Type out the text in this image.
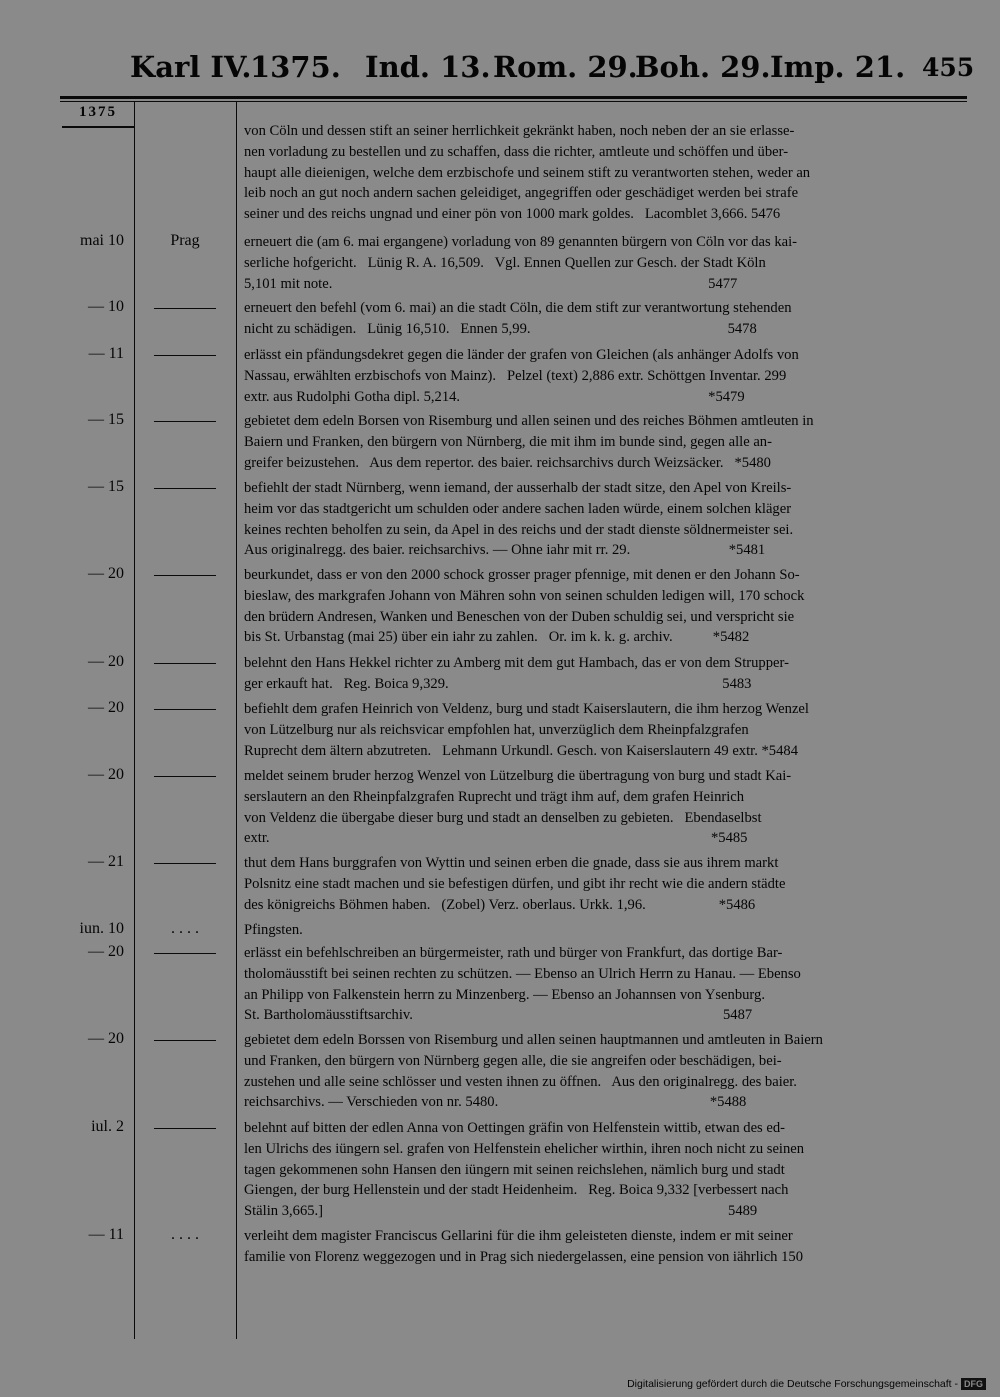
Karl IV.
1375. Ind. 13. Rom. 29.
Boh. 29. Imp. 21. 455
1375
von Cöln und dessen stift an seiner herrlichkeit gekränkt haben, noch neben der an sie erlasse-
nen vorladung zu bestellen und zu schaffen, dass die richter, amtleute und schöffen und über-
haupt alle dieienigen, welche dem erzbischofe und seinem stift zu verantworten stehen, weder an
leib noch an gut noch andern sachen geleidiget, angegriffen oder geschädiget werden bei strafe
seiner und des reichs ungnad und einer pön von 1000 mark goldes.   Lacomblet 3,666. 5476
mai 10	Prag	erneuert die (am 6. mai ergangene) vorladung von 89 genannten bürgern von Cöln vor das kai-
serliche hofgericht.   Lünig R. A. 16,509.   Vgl. Ennen Quellen zur Gesch. der Stadt Köln
5,101 mit note.                                                                                                       5477
— 10	erneuert den befehl (vom 6. mai) an die stadt Cöln, die dem stift zur verantwortung stehenden
nicht zu schädigen.   Lünig 16,510.   Ennen 5,99.                                                      5478
— 11	erlässt ein pfändungsdekret gegen die länder der grafen von Gleichen (als anhänger Adolfs von
Nassau, erwählten erzbischofs von Mainz).   Pelzel (text) 2,886 extr. Schöttgen Inventar. 299
extr. aus Rudolphi Gotha dipl. 5,214.                                                                    *5479
— 15	gebietet dem edeln Borsen von Risemburg und allen seinen und des reiches Böhmen amtleuten in
Baiern und Franken, den bürgern von Nürnberg, die mit ihm im bunde sind, gegen alle an-
greifer beizustehen.   Aus dem repertor. des baier. reichsarchivs durch Weizsäcker.   *5480
— 15	befiehlt der stadt Nürnberg, wenn iemand, der ausserhalb der stadt sitze, den Apel von Kreils-
heim vor das stadtgericht um schulden oder andere sachen laden würde, einem solchen kläger
keines rechten beholfen zu sein, da Apel in des reichs und der stadt dienste söldnermeister sei.
Aus originalregg. des baier. reichsarchivs. — Ohne iahr mit rr. 29.                           *5481
— 20	beurkundet, dass er von den 2000 schock grosser prager pfennige, mit denen er den Johann So-
bieslaw, des markgrafen Johann von Mähren sohn von seinen schulden ledigen will, 170 schock
den brüdern Andresen, Wanken und Beneschen von der Duben schuldig sei, und verspricht sie
bis St. Urbanstag (mai 25) über ein iahr zu zahlen.   Or. im k. k. g. archiv.           *5482
— 20	belehnt den Hans Hekkel richter zu Amberg mit dem gut Hambach, das er von dem Strupper-
ger erkauft hat.   Reg. Boica 9,329.                                                                           5483
— 20	befiehlt dem grafen Heinrich von Veldenz, burg und stadt Kaiserslautern, die ihm herzog Wenzel
von Lützelburg nur als reichsvicar empfohlen hat, unverzüglich dem Rheinpfalzgrafen
Ruprecht dem ältern abzutreten.   Lehmann Urkundl. Gesch. von Kaiserslautern 49 extr. *5484
— 20	meldet seinem bruder herzog Wenzel von Lützelburg die übertragung von burg und stadt Kai-
serslautern an den Rheinpfalzgrafen Ruprecht und trägt ihm auf, dem grafen Heinrich
von Veldenz die übergabe dieser burg und stadt an denselben zu gebieten.   Ebendaselbst
extr.                                                                                                                         *5485
— 21	thut dem Hans burggrafen von Wyttin und seinen erben die gnade, dass sie aus ihrem markt
Polsnitz eine stadt machen und sie befestigen dürfen, und gibt ihr recht wie die andern städte
des königreichs Böhmen haben.   (Zobel) Verz. oberlaus. Urkk. 1,96.                    *5486
iun. 10	. . . .	Pfingsten.
— 20	erlässt ein befehlschreiben an bürgermeister, rath und bürger von Frankfurt, das dortige Bar-
tholomäusstift bei seinen rechten zu schützen. — Ebenso an Ulrich Herrn zu Hanau. — Ebenso
an Philipp von Falkenstein herrn zu Minzenberg. — Ebenso an Johannsen von Ysenburg.
St. Bartholomäusstiftsarchiv.                                                                                     5487
— 20	gebietet dem edeln Borssen von Risemburg und allen seinen hauptmannen und amtleuten in Baiern
und Franken, den bürgern von Nürnberg gegen alle, die sie angreifen oder beschädigen, bei-
zustehen und alle seine schlösser und vesten ihnen zu öffnen.   Aus den originalregg. des baier.
reichsarchivs. — Verschieden von nr. 5480.                                                          *5488
iul. 2	belehnt auf bitten der edlen Anna von Oettingen gräfin von Helfenstein wittib, etwan des ed-
len Ulrichs des iüngern sel. grafen von Helfenstein ehelicher wirthin, ihren noch nicht zu seinen
tagen gekommenen sohn Hansen den iüngern mit seinen reichslehen, nämlich burg und stadt
Giengen, der burg Hellenstein und der stadt Heidenheim.   Reg. Boica 9,332 [verbessert nach
Stälin 3,665.]                                                                                                               5489
— 11	. . . .	verleiht dem magister Franciscus Gellarini für die ihm geleisteten dienste, indem er mit seiner
familie von Florenz weggezogen und in Prag sich niedergelassen, eine pension von iährlich 150
Digitalisierung gefördert durch die Deutsche Forschungsgemeinschaft - DFG
